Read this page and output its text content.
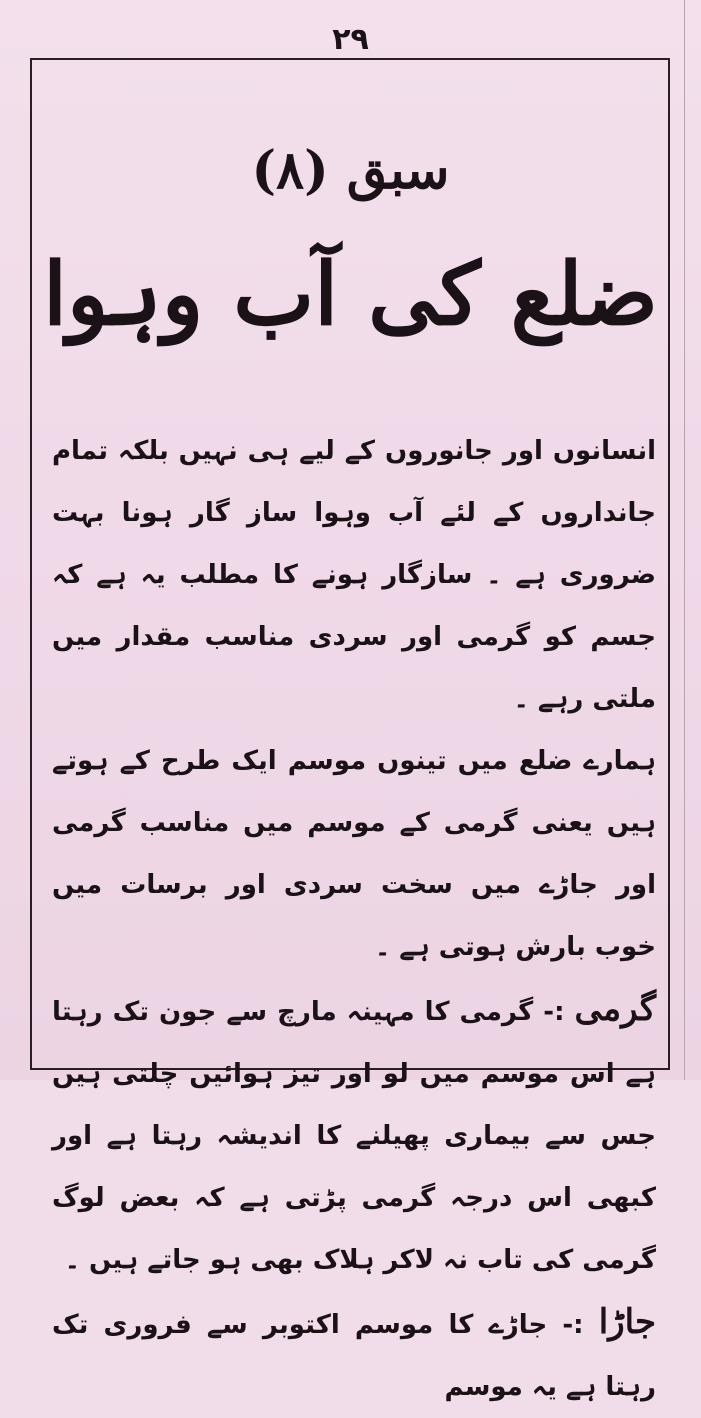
۲۹
سبق (۸)
ضلع کی آب وہوا

انسانوں اور جانوروں کے لیے ہی نہیں بلکہ تمام جانداروں کے لئے آب وہوا ساز گار ہونا بہت ضروری ہے ۔ سازگار ہونے کا مطلب یہ ہے کہ جسم کو گرمی اور سردی مناسب مقدار میں ملتی رہے ۔

ہمارے ضلع میں تینوں موسم ایک طرح کے ہوتے ہیں یعنی گرمی کے موسم میں مناسب گرمی اور جاڑے میں سخت سردی اور برسات میں خوب بارش ہوتی ہے ۔

گرمی :- گرمی کا مہینہ مارچ سے جون تک رہتا ہے اس موسم میں لو اور تیز ہوائیں چلتی ہیں جس سے بیماری پھیلنے کا اندیشہ رہتا ہے اور کبھی اس درجہ گرمی پڑتی ہے کہ بعض لوگ گرمی کی تاب نہ لاکر ہلاک بھی ہو جاتے ہیں ۔

جاڑا :- جاڑے کا موسم اکتوبر سے فروری تک رہتا ہے یہ موسم
